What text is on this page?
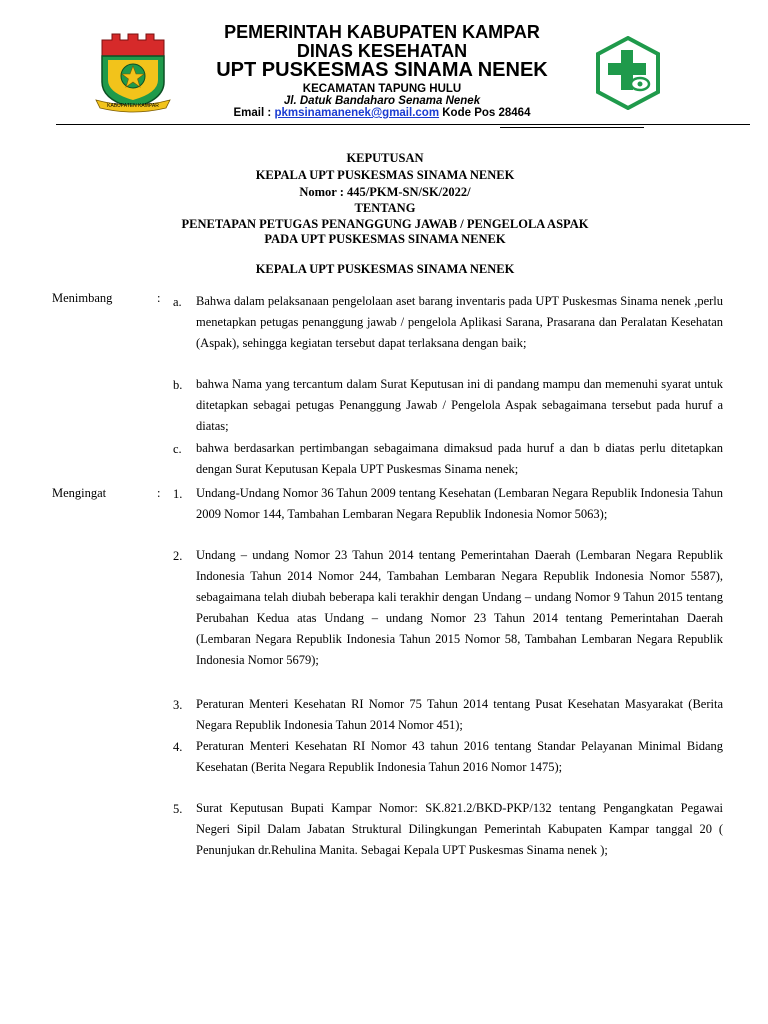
KABUPATEN KAMPAR
PEMERINTAH KABUPATEN KAMPAR
DINAS KESEHATAN
UPT PUSKESMAS SINAMA NENEK
KECAMATAN TAPUNG HULU
Jl. Datuk Bandaharo Senama Nenek
Email : pkmsinamanenek@gmail.com Kode Pos 28464
KEPUTUSAN
KEPALA UPT PUSKESMAS SINAMA NENEK
Nomor : 445/PKM-SN/SK/2022/
TENTANG
PENETAPAN PETUGAS PENANGGUNG JAWAB / PENGELOLA ASPAK
PADA UPT PUSKESMAS SINAMA NENEK
KEPALA UPT PUSKESMAS SINAMA NENEK
Menimbang	: a. Bahwa dalam pelaksanaan pengelolaan aset barang inventaris pada UPT Puskesmas Sinama nenek ,perlu menetapkan petugas penanggung jawab / pengelola Aplikasi Sarana, Prasarana dan Peralatan Kesehatan (Aspak), sehingga kegiatan tersebut dapat terlaksana dengan baik;
b. bahwa Nama yang tercantum dalam Surat Keputusan ini di pandang mampu dan memenuhi syarat untuk ditetapkan sebagai petugas Penanggung Jawab / Pengelola Aspak sebagaimana tersebut pada huruf a diatas;
c. bahwa berdasarkan pertimbangan sebagaimana dimaksud pada huruf a dan b diatas perlu ditetapkan dengan Surat Keputusan Kepala UPT Puskesmas Sinama nenek;
Mengingat	: 1. Undang-Undang Nomor 36 Tahun 2009 tentang Kesehatan (Lembaran Negara Republik Indonesia Tahun 2009 Nomor 144, Tambahan Lembaran Negara Republik Indonesia Nomor 5063);
2. Undang – undang Nomor 23 Tahun 2014 tentang Pemerintahan Daerah (Lembaran Negara Republik Indonesia Tahun 2014 Nomor 244, Tambahan Lembaran Negara Republik Indonesia Nomor 5587), sebagaimana telah diubah beberapa kali terakhir dengan Undang – undang Nomor 9 Tahun 2015 tentang Perubahan Kedua atas Undang – undang Nomor 23 Tahun 2014 tentang Pemerintahan Daerah (Lembaran Negara Republik Indonesia Tahun 2015 Nomor 58, Tambahan Lembaran Negara Republik Indonesia Nomor 5679);
3. Peraturan Menteri Kesehatan RI Nomor 75 Tahun 2014 tentang Pusat Kesehatan Masyarakat (Berita Negara Republik Indonesia Tahun 2014 Nomor 451);
4. Peraturan Menteri Kesehatan RI Nomor 43 tahun 2016 tentang Standar Pelayanan Minimal Bidang Kesehatan (Berita Negara Republik Indonesia Tahun 2016 Nomor 1475);
5. Surat Keputusan Bupati Kampar Nomor: SK.821.2/BKD-PKP/132 tentang Pengangkatan Pegawai Negeri Sipil Dalam Jabatan Struktural Dilingkungan Pemerintah Kabupaten Kampar tanggal 20 ( Penunjukan dr.Rehulina Manita. Sebagai Kepala UPT Puskesmas Sinama nenek );
